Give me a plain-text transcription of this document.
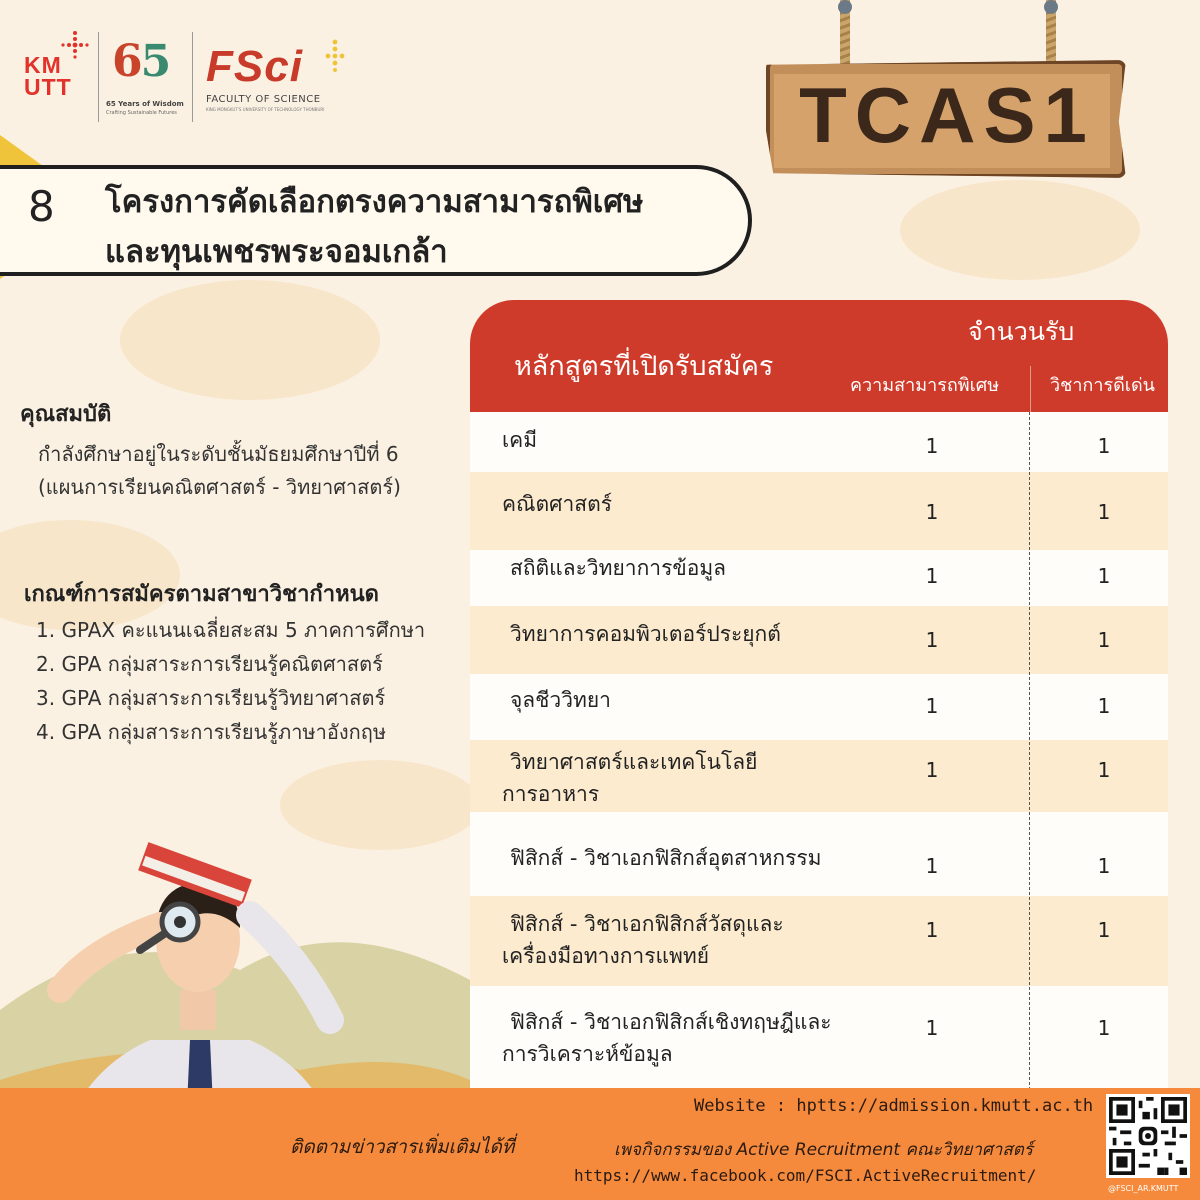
KM
UTT 65
65 Years of Wisdom
Crafting Sustainable Futures
FSci
FACULTY OF SCIENCE
KING MONGKUT'S UNIVERSITY OF TECHNOLOGY THONBURI	TCAS1
8 โครงการคัดเลือกตรงความสามารถพิเศษ
และทุนเพชรพระจอมเกล้า
คุณสมบัติ
กำลังศึกษาอยู่ในระดับชั้นมัธยมศึกษาปีที่ 6
(แผนการเรียนคณิตศาสตร์ - วิทยาศาสตร์)
เกณฑ์การสมัครตามสาขาวิชากำหนด
1. GPAX คะแนนเฉลี่ยสะสม 5 ภาคการศึกษา
2. GPA กลุ่มสาระการเรียนรู้คณิตศาสตร์
3. GPA กลุ่มสาระการเรียนรู้วิทยาศาสตร์
4. GPA กลุ่มสาระการเรียนรู้ภาษาอังกฤษ
หลักสูตรที่เปิดรับสมัคร
จำนวนรับ
ความสามารถพิเศษ	วิชาการดีเด่น
เคมี	1	1
คณิตศาสตร์	1	1
สถิติและวิทยาการข้อมูล	1	1
วิทยาการคอมพิวเตอร์ประยุกต์	1	1
จุลชีววิทยา	1	1
วิทยาศาสตร์และเทคโนโลยี
การอาหาร
1	1
ฟิสิกส์ - วิชาเอกฟิสิกส์อุตสาหกรรม	1	1
ฟิสิกส์ - วิชาเอกฟิสิกส์วัสดุและ
เครื่องมือทางการแพทย์
1	1
ฟิสิกส์ - วิชาเอกฟิสิกส์เชิงทฤษฎีและ
การวิเคราะห์ข้อมูล
1	1
ติดตามข่าวสารเพิ่มเติมได้ที่
Website : hptts://admission.kmutt.ac.th
เพจกิจกรรมของ Active Recruitment คณะวิทยาศาสตร์
https://www.facebook.com/FSCI.ActiveRecruitment/
@FSCI_AR.KMUTT
